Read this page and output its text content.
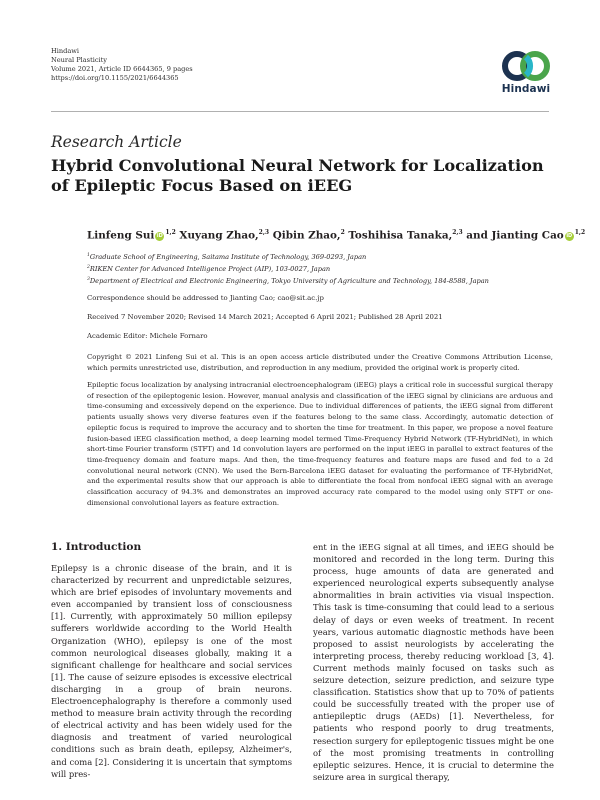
Hindawi
Neural Plasticity
Volume 2021, Article ID 6644365, 9 pages
https://doi.org/10.1155/2021/6644365
Hindawi
Research Article
Hybrid Convolutional Neural Network for Localization of Epileptic Focus Based on iEEG
Linfeng Sui iD$^{1,2}$ Xuyang Zhao,$^{2,3}$ Qibin Zhao,$^2$ Toshihisa Tanaka,$^{2,3}$ and Jianting Cao iD$^{1,2}$
$^1$Graduate School of Engineering, Saitama Institute of Technology, 369-0293, Japan
$^2$RIKEN Center for Advanced Intelligence Project (AIP), 103-0027, Japan
$^3$Department of Electrical and Electronic Engineering, Tokyo University of Agriculture and Technology, 184-8588, Japan
Correspondence should be addressed to Jianting Cao; cao@sit.ac.jp
Received 7 November 2020; Revised 14 March 2021; Accepted 6 April 2021; Published 28 April 2021
Academic Editor: Michele Fornaro
Copyright © 2021 Linfeng Sui et al. This is an open access article distributed under the Creative Commons Attribution License, which permits unrestricted use, distribution, and reproduction in any medium, provided the original work is properly cited.
Epileptic focus localization by analysing intracranial electroencephalogram (iEEG) plays a critical role in successful surgical therapy of resection of the epileptogenic lesion. However, manual analysis and classification of the iEEG signal by clinicians are arduous and time-consuming and excessively depend on the experience. Due to individual differences of patients, the iEEG signal from different patients usually shows very diverse features even if the features belong to the same class. Accordingly, automatic detection of epileptic focus is required to improve the accuracy and to shorten the time for treatment. In this paper, we propose a novel feature fusion-based iEEG classification method, a deep learning model termed Time-Frequency Hybrid Network (TF-HybridNet), in which short-time Fourier transform (STFT) and 1d convolution layers are performed on the input iEEG in parallel to extract features of the time-frequency domain and feature maps. And then, the time-frequency features and feature maps are fused and fed to a 2d convolutional neural network (CNN). We used the Bern-Barcelona iEEG dataset for evaluating the performance of TF-HybridNet, and the experimental results show that our approach is able to differentiate the focal from nonfocal iEEG signal with an average classification accuracy of 94.3% and demonstrates an improved accuracy rate compared to the model using only STFT or one-dimensional convolutional layers as feature extraction.
1. Introduction

Epilepsy is a chronic disease of the brain, and it is characterized by recurrent and unpredictable seizures, which are brief episodes of involuntary movements and even accompanied by transient loss of consciousness [1]. Currently, with approximately 50 million epilepsy sufferers worldwide according to the World Health Organization (WHO), epilepsy is one of the most common neurological diseases globally, making it a significant challenge for healthcare and social services [1]. The cause of seizure episodes is excessive electrical discharging in a group of brain neurons. Electroencephalography is therefore a commonly used method to measure brain activity through the recording of electrical activity and has been widely used for the diagnosis and treatment of varied neurological conditions such as brain death, epilepsy, Alzheimer's, and coma [2]. Considering it is uncertain that symptoms will pres-

ent in the iEEG signal at all times, and iEEG should be monitored and recorded in the long term. During this process, huge amounts of data are generated and experienced neurological experts subsequently analyse abnormalities in brain activities via visual inspection. This task is time-consuming that could lead to a serious delay of days or even weeks of treatment. In recent years, various automatic diagnostic methods have been proposed to assist neurologists by accelerating the interpreting process, thereby reducing workload [3, 4]. Current methods mainly focused on tasks such as seizure detection, seizure prediction, and seizure type classification. Statistics show that up to 70% of patients could be successfully treated with the proper use of antiepileptic drugs (AEDs) [1]. Nevertheless, for patients who respond poorly to drug treatments, resection surgery for epileptogenic tissues might be one of the most promising treatments in controlling epileptic seizures. Hence, it is crucial to determine the seizure area in surgical therapy,
